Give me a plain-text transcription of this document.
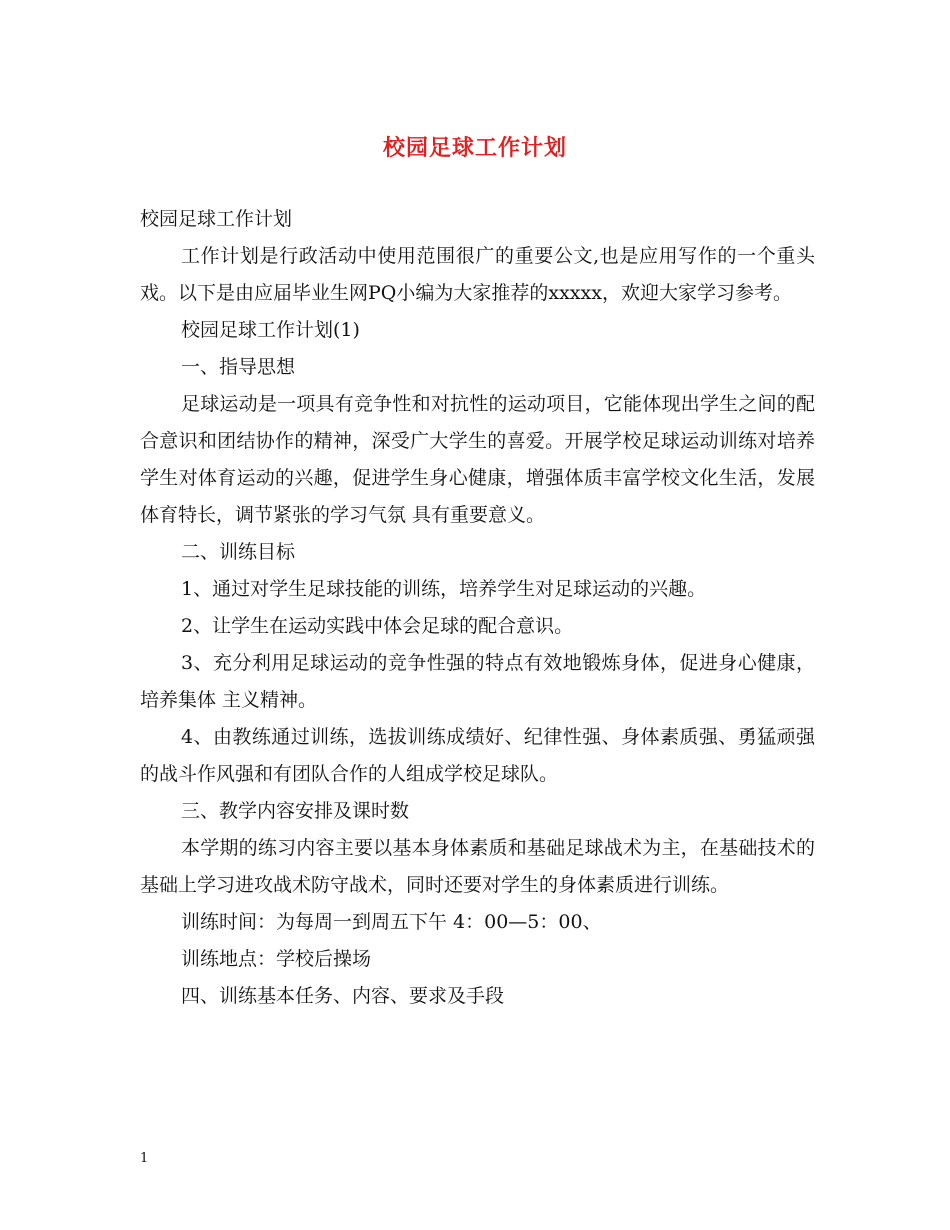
校园足球工作计划

校园足球工作计划

工作计划是行政活动中使用范围很广的重要公文,也是应用写作的一个重头戏。以下是由应届毕业生网PQ小编为大家推荐的xxxxx，欢迎大家学习参考。

校园足球工作计划(1)

一、指导思想

足球运动是一项具有竞争性和对抗性的运动项目，它能体现出学生之间的配合意识和团结协作的精神，深受广大学生的喜爱。开展学校足球运动训练对培养学生对体育运动的兴趣，促进学生身心健康，增强体质丰富学校文化生活，发展体育特长，调节紧张的学习气氛 具有重要意义。

二、训练目标

1、通过对学生足球技能的训练，培养学生对足球运动的兴趣。

2、让学生在运动实践中体会足球的配合意识。

3、充分利用足球运动的竞争性强的特点有效地锻炼身体，促进身心健康，培养集体 主义精神。

4、由教练通过训练，选拔训练成绩好、纪律性强、身体素质强、勇猛顽强的战斗作风强和有团队合作的人组成学校足球队。

三、教学内容安排及课时数

本学期的练习内容主要以基本身体素质和基础足球战术为主，在基础技术的基础上学习进攻战术防守战术，同时还要对学生的身体素质进行训练。

训练时间：为每周一到周五下午 4：00—5：00、

训练地点：学校后操场

四、训练基本任务、内容、要求及手段

1
